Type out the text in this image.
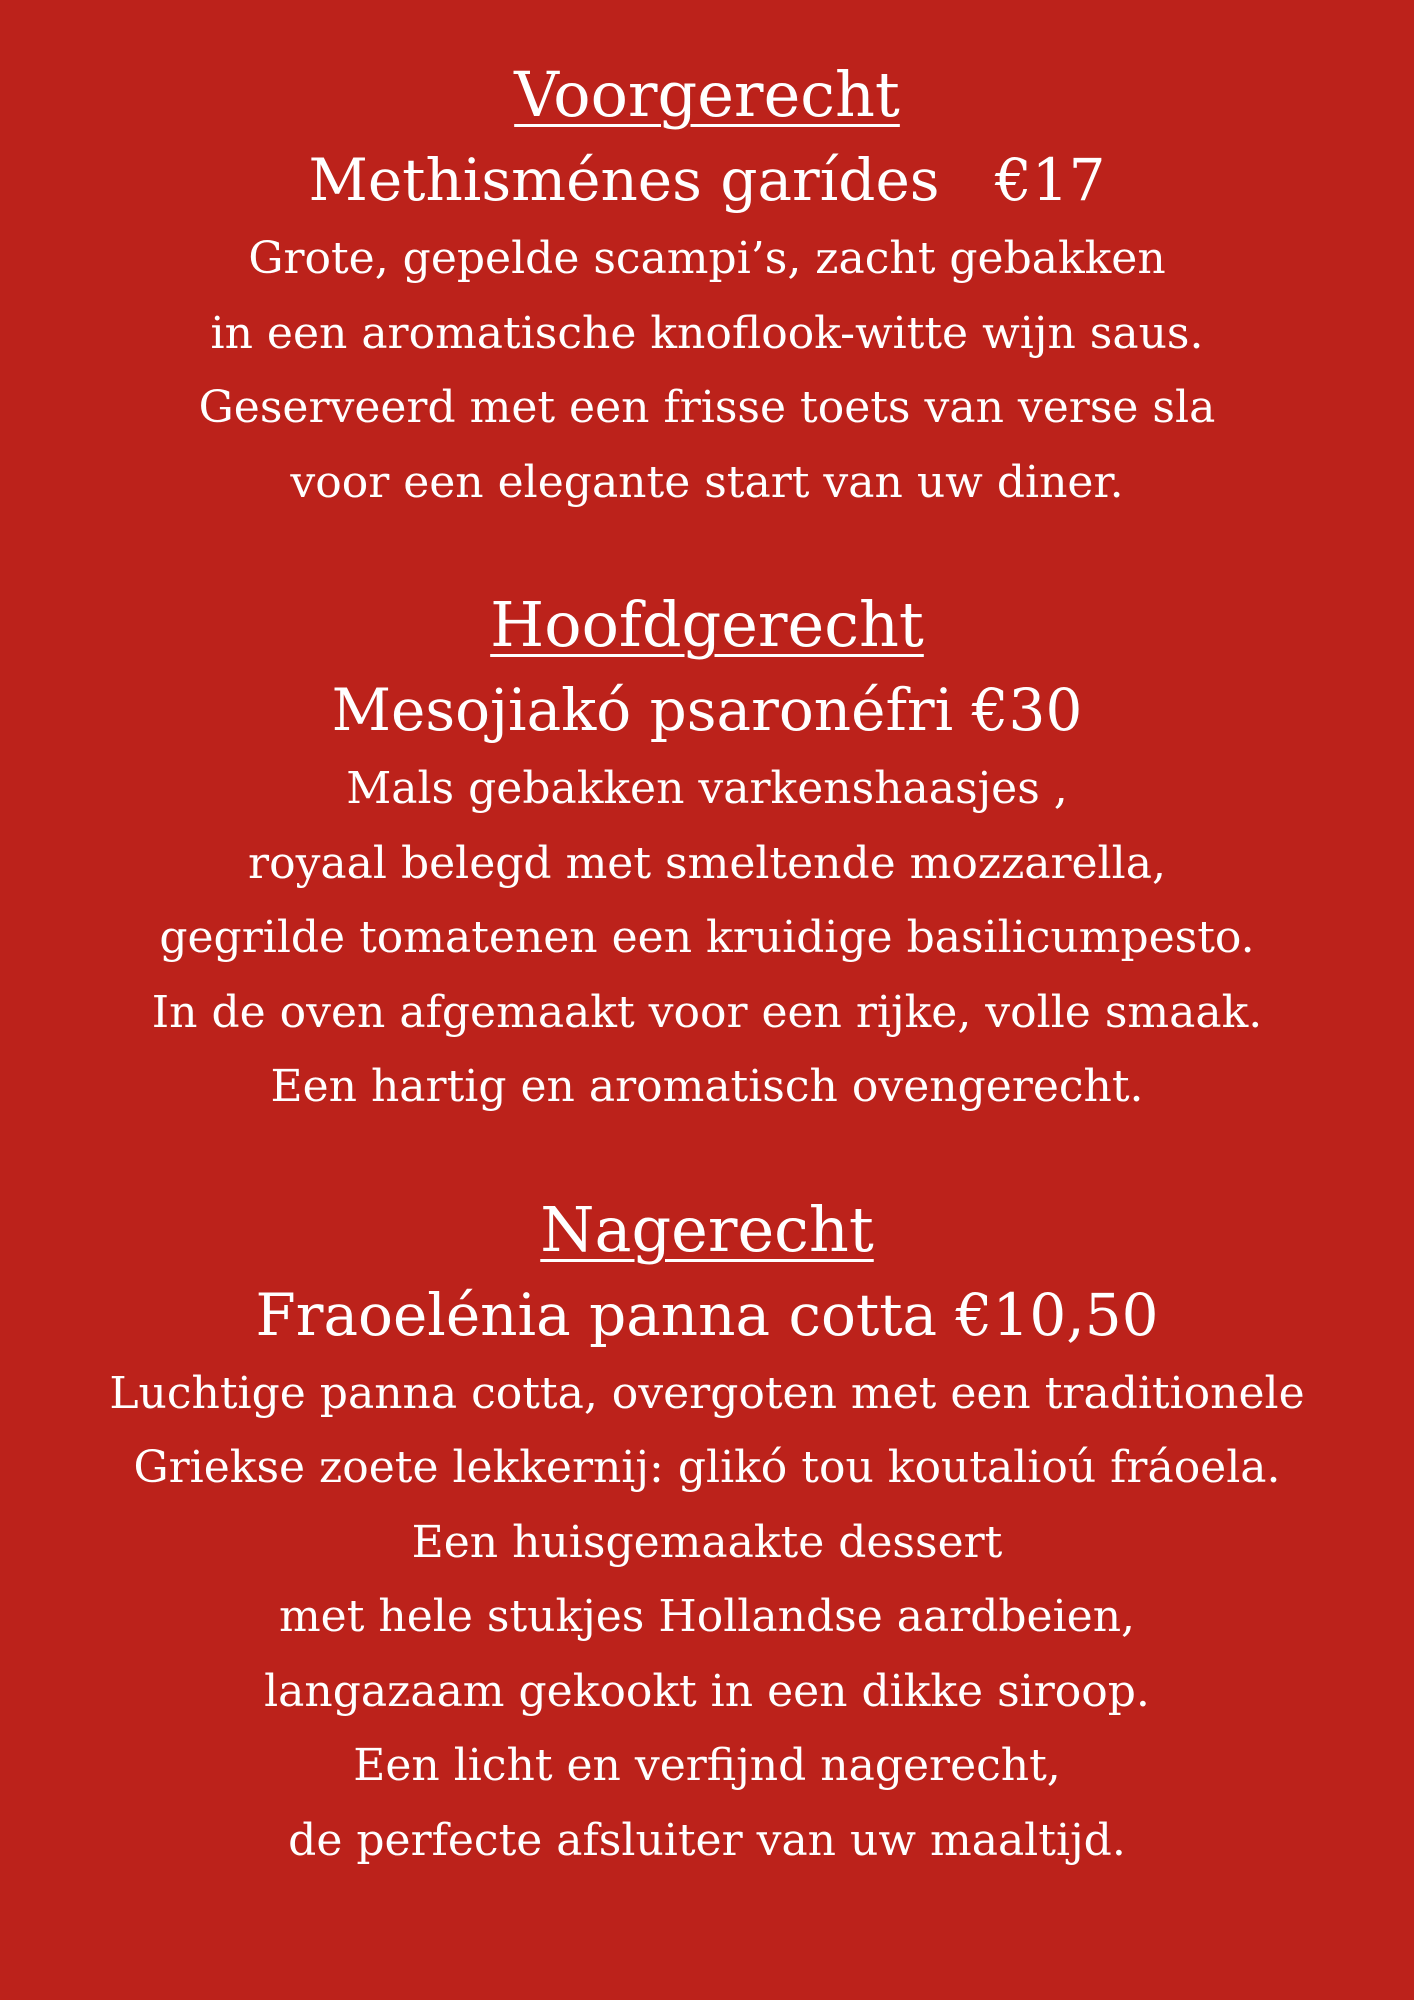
Voorgerecht
Methisménes garídes   €17
Grote, gepelde scampi’s, zacht gebakken
in een aromatische knoflook-witte wijn saus.
Geserveerd met een frisse toets van verse sla
voor een elegante start van uw diner.
Hoofdgerecht
Mesojiakó psaronéfri €30
Mals gebakken varkenshaasjes ,
royaal belegd met smeltende mozzarella,
gegrilde tomatenen een kruidige basilicumpesto.
In de oven afgemaakt voor een rijke, volle smaak.
Een hartig en aromatisch ovengerecht.
Nagerecht
Fraoelénia panna cotta €10,50
Luchtige panna cotta, overgoten met een traditionele
Griekse zoete lekkernij: glikó tou koutalioú fráoela.
Een huisgemaakte dessert
met hele stukjes Hollandse aardbeien,
langazaam gekookt in een dikke siroop.
Een licht en verfijnd nagerecht,
de perfecte afsluiter van uw maaltijd.
